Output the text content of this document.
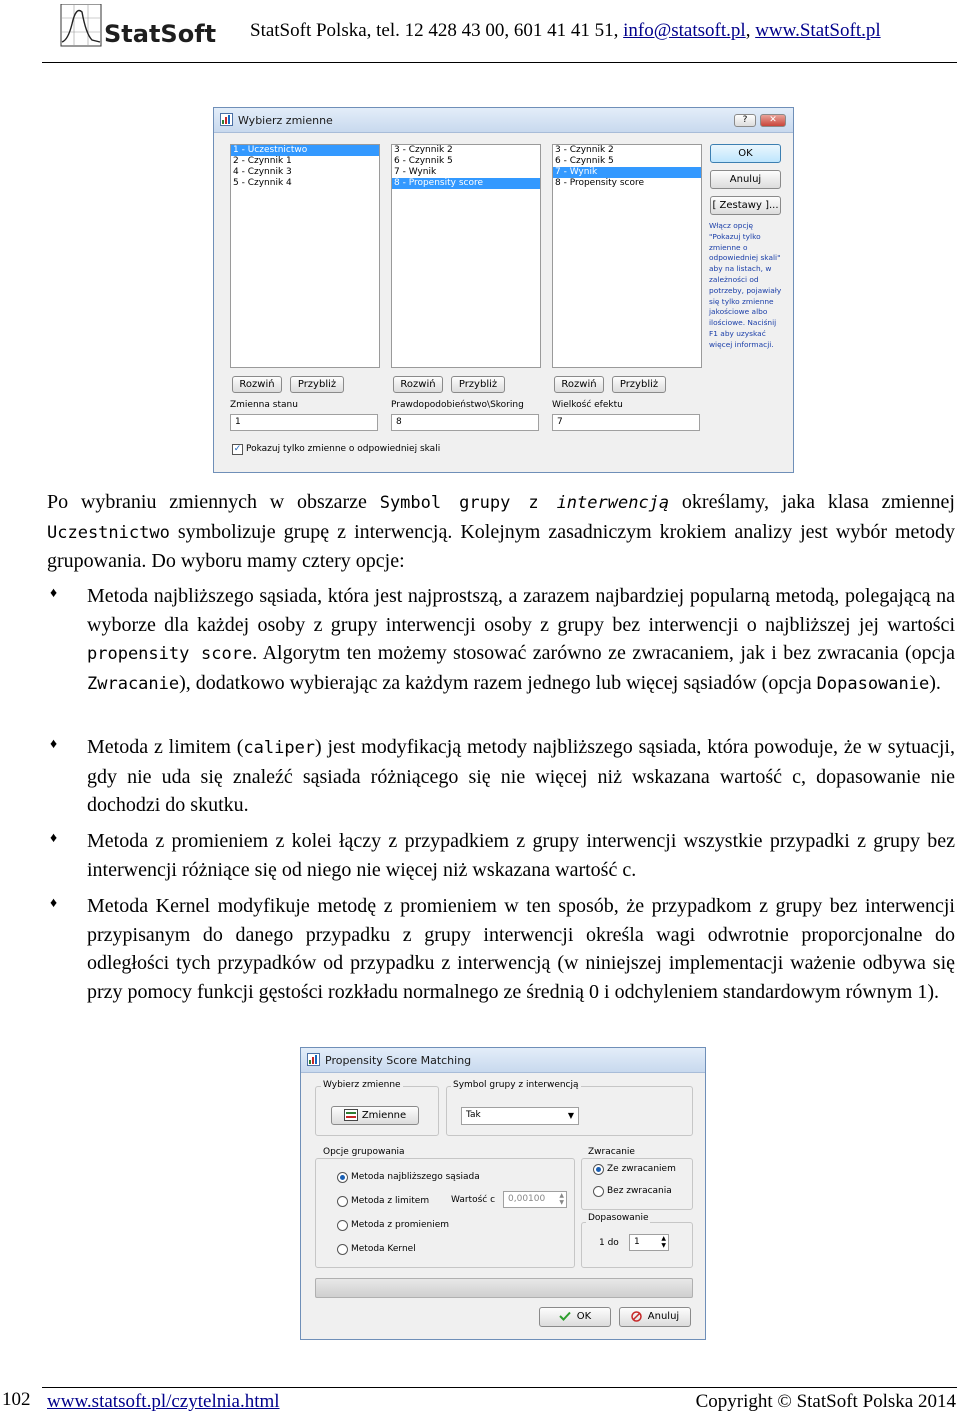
StatSoft StatSoft Polska, tel. 12 428 43 00, 601 41 41 51, info@statsoft.pl, www.StatSoft.pl
Wybierz zmienne	?	✕
1 - Uczestnictwo
2 - Czynnik 1
4 - Czynnik 3
5 - Czynnik 4
3 - Czynnik 2
6 - Czynnik 5
7 - Wynik
8 - Propensity score
3 - Czynnik 2
6 - Czynnik 5
7 - Wynik
8 - Propensity score
Rozwiń	Przybliż	Rozwiń	Przybliż	Rozwiń	Przybliż
Zmienna stanu	Prawdopodobieństwo\Skoring	Wielkość efektu
1	8	7
✓ Pokazuj tylko zmienne o odpowiedniej skali
OK
Anuluj
[ Zestawy ]...
Włącz opcję
"Pokazuj tylko
zmienne o
odpowiedniej skali"
aby na listach, w
zależności od
potrzeby, pojawiały
się tylko zmienne
jakościowe albo
ilościowe. Naciśnij
F1 aby uzyskać
więcej informacji.
Po wybraniu zmiennych w obszarze Symbol grupy z interwencją określamy, jaka klasa zmiennej Uczestnictwo symbolizuje grupę z interwencją. Kolejnym zasadniczym krokiem analizy jest wybór metody grupowania. Do wyboru mamy cztery opcje:
♦ Metoda najbliższego sąsiada, która jest najprostszą, a zarazem najbardziej popularną metodą, polegającą na wyborze dla każdej osoby z grupy interwencji osoby z grupy bez interwencji o najbliższej jej wartości propensity score. Algorytm ten możemy stosować zarówno ze zwracaniem, jak i bez zwracania (opcja Zwracanie), dodatkowo wybierając za każdym razem jednego lub więcej sąsiadów (opcja Dopasowanie).
♦ Metoda z limitem (caliper) jest modyfikacją metody najbliższego sąsiada, która powoduje, że w sytuacji, gdy nie uda się znaleźć sąsiada różniącego się nie więcej niż wskazana wartość c, dopasowanie nie dochodzi do skutku.
♦ Metoda z promieniem z kolei łączy z przypadkiem z grupy interwencji wszystkie przypadki z grupy bez interwencji różniące się od niego nie więcej niż wskazana wartość c.
♦ Metoda Kernel modyfikuje metodę z promieniem w ten sposób, że przypadkom z grupy bez interwencji przypisanym do danego przypadku z grupy interwencji określa wagi odwrotnie proporcjonalne do odległości tych przypadków od przypadku z interwencją (w niniejszej implementacji ważenie odbywa się przy pomocy funkcji gęstości rozkładu normalnego ze średnią 0 i odchyleniem standardowym równym 1).
Propensity Score Matching
Wybierz zmienne
Zmienne
Symbol grupy z interwencją
Tak	▼
Opcje grupowania
Metoda najbliższego sąsiada
Metoda z limitem Wartość c	0,00100 ▲
▼
Metoda z promieniem
Metoda Kernel
Zwracanie
Ze zwracaniem
Bez zwracania
Dopasowanie
1 do	1	▲
▼
OK	Anuluj
102 www.statsoft.pl/czytelnia.html	Copyright © StatSoft Polska 2014
